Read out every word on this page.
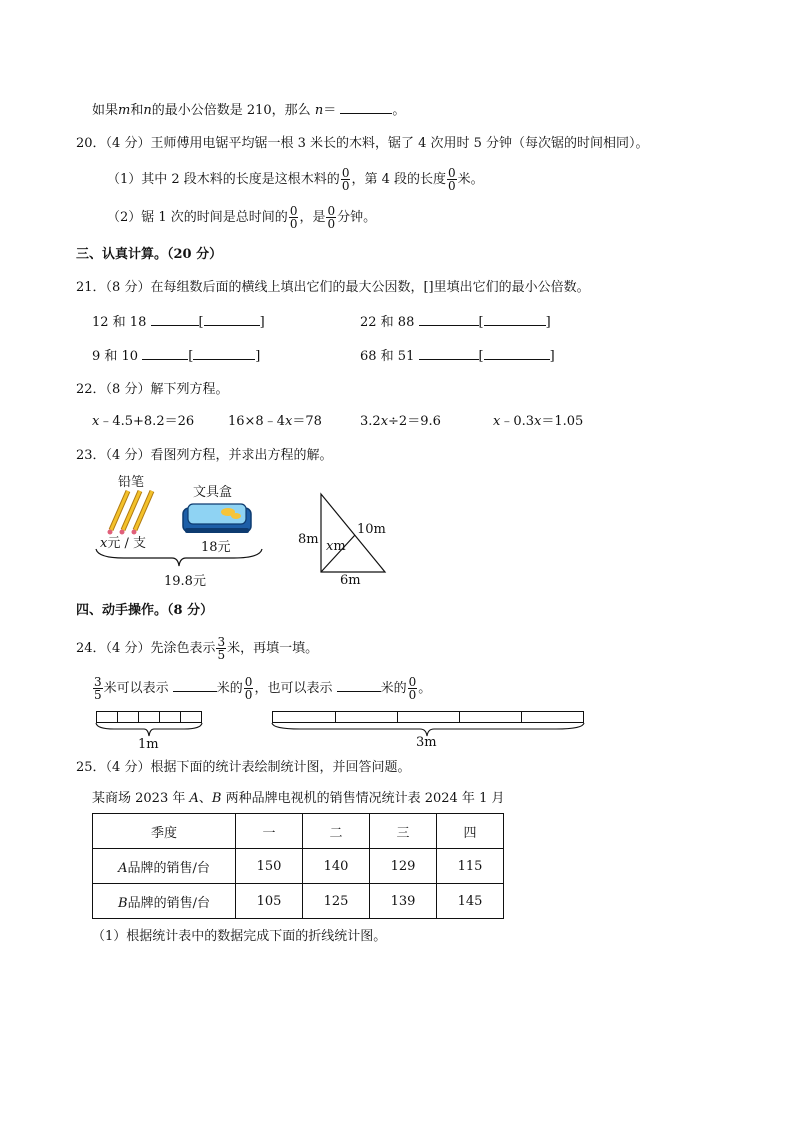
如果m和n的最小公倍数是 210，那么 n＝	。
20．（4 分）王师傅用电锯平均锯一根 3 米长的木料，锯了 4 次用时 5 分钟（每次锯的时间相同）。
（1）其中 2 段木料的长度是这根木料的 $\frac{0}{0}$ ，第 4 段的长度 $\frac{0}{0}$ 米。
（2）锯 1 次的时间是总时间的 $\frac{0}{0}$ ，是 $\frac{0}{0}$ 分钟。
三、认真计算。（20 分）
21．（8 分）在每组数后面的横线上填出它们的最大公因数，[]里填出它们的最小公倍数。
12 和 18	[	]	22 和 88	[	]
9 和 10	[	]	68 和 51	[	]
22．（8 分）解下列方程。
x﹣4.5+8.2＝26	16×8﹣4x＝78	3.2x÷2＝9.6	x﹣0.3x＝1.05
23．（4 分）看图列方程，并求出方程的解。
铅笔
x元 / 支
文具盒
18元
19.8元
8m
10m
xm
6m
四、动手操作。（8 分）
24．（4 分）先涂色表示 $\frac{3}{5}$ 米，再填一填。
$\frac{3}{5}$ 米可以表示	米的 $\frac{0}{0}$ ，也可以表示	米的 $\frac{0}{0}$ 。
1m	3m
25．（4 分）根据下面的统计表绘制统计图，并回答问题。
某商场 2023 年 A、B 两种品牌电视机的销售情况统计表 2024 年 1 月
季度	一	二	三	四
A品牌的销售/台	150	140	129	115
B品牌的销售/台	105	125	139	145
（1）根据统计表中的数据完成下面的折线统计图。
